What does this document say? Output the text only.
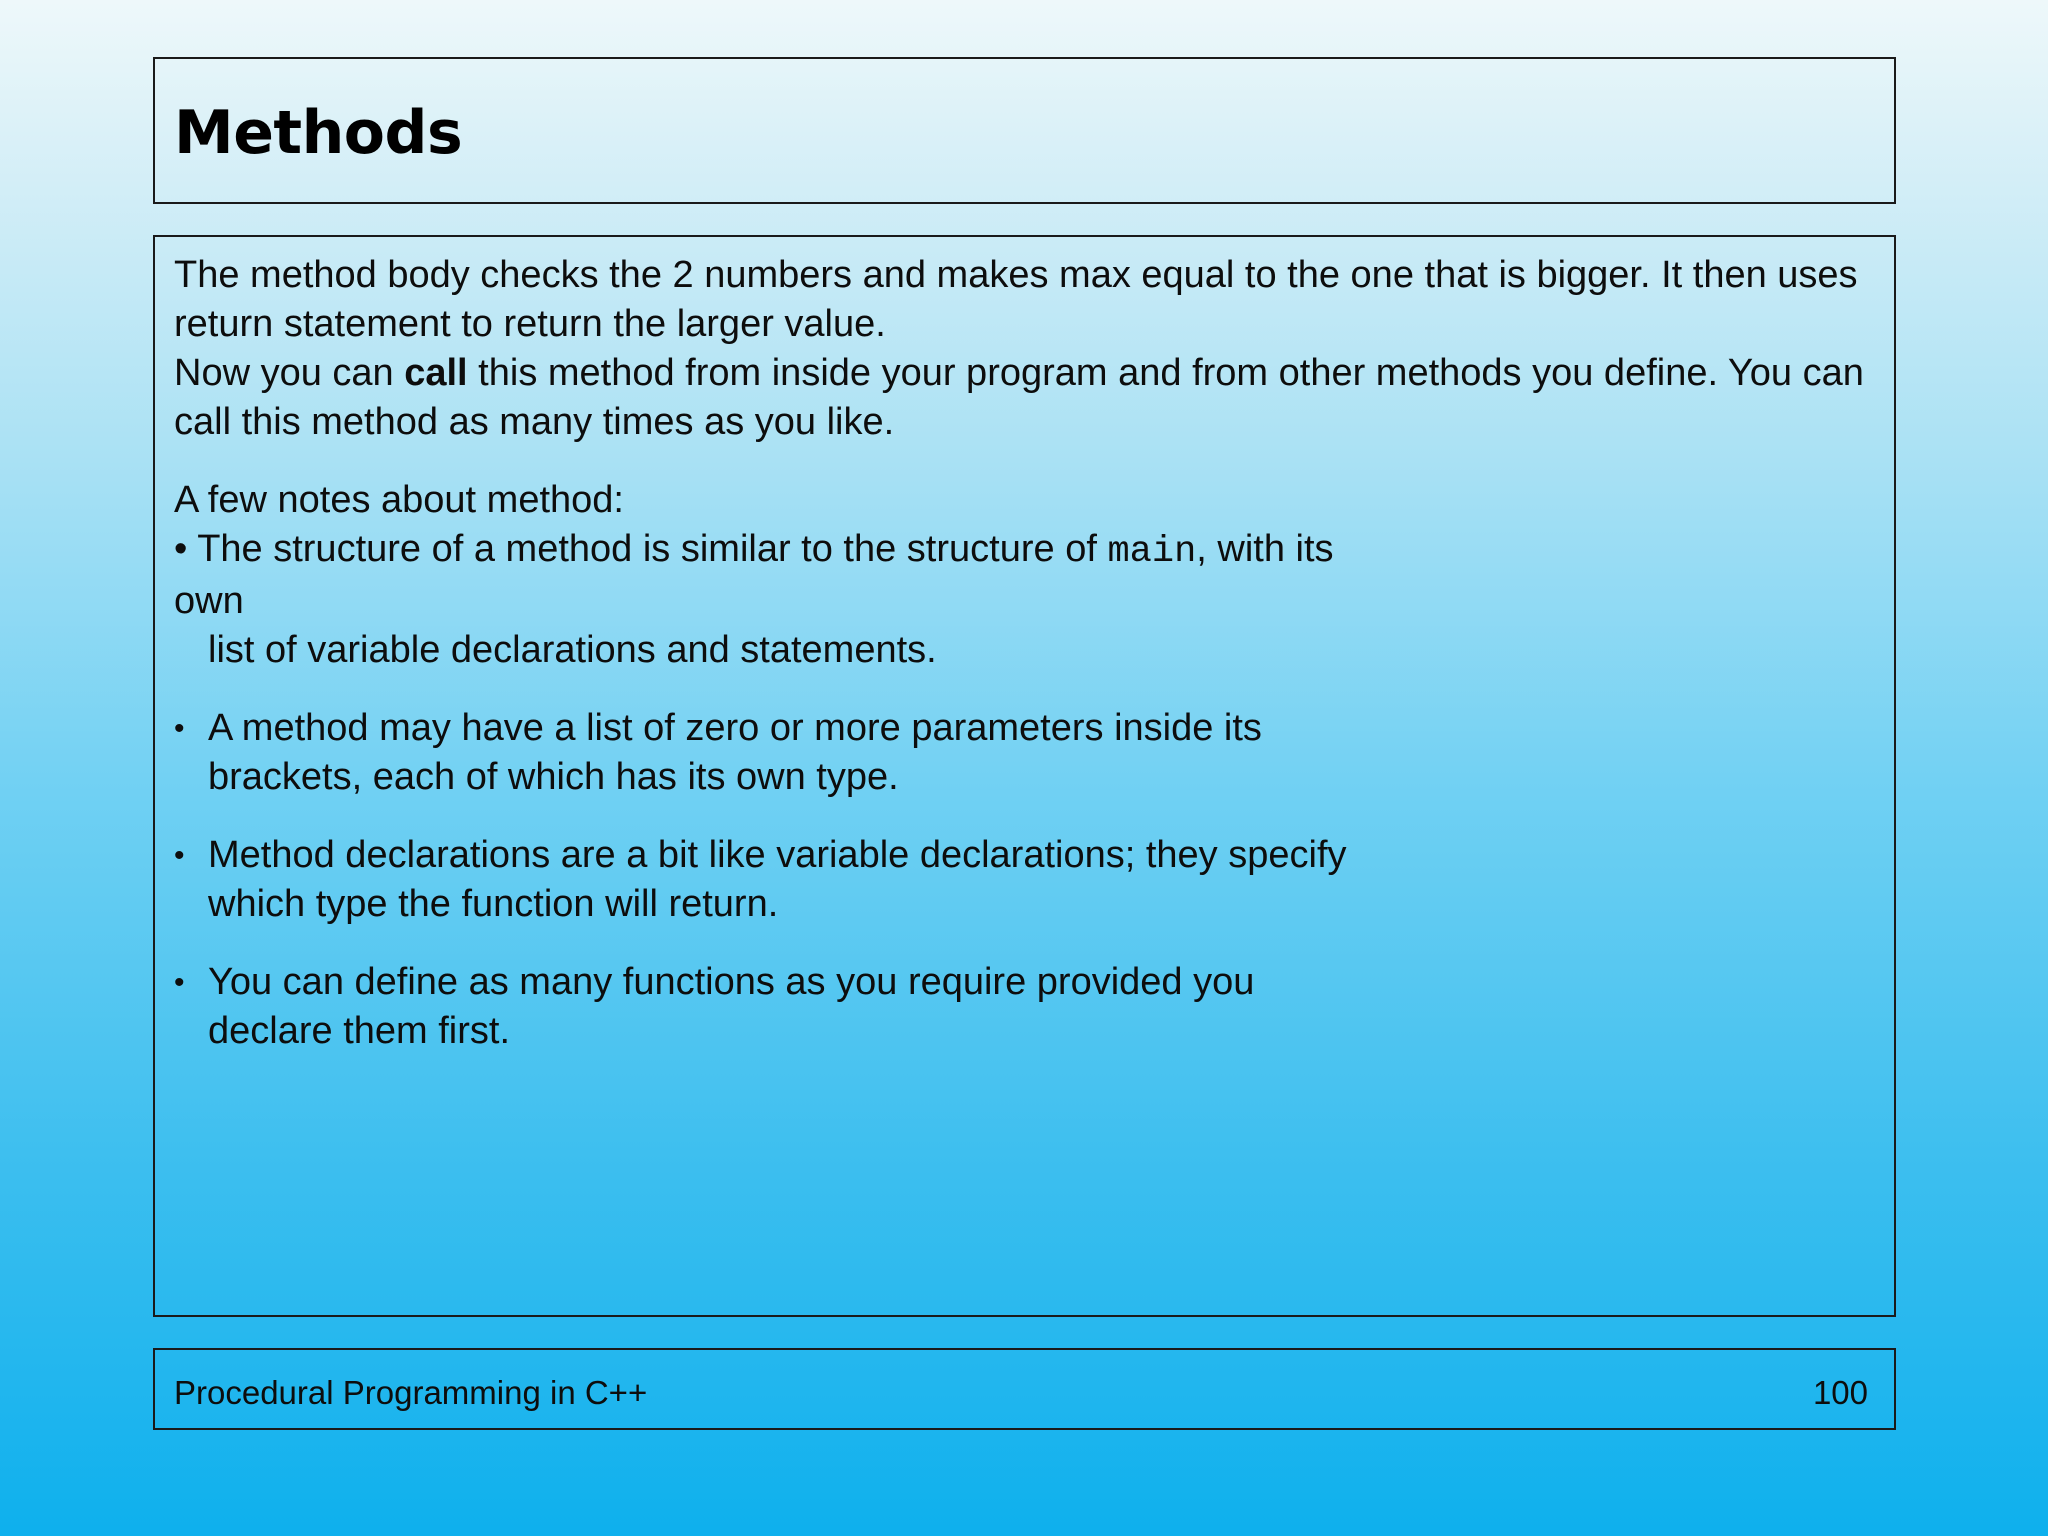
Methods

The method body checks the 2 numbers and makes max equal to the one that is bigger. It then uses return statement to return the larger value.

Now you can call this method from inside your program and from other methods you define. You can call this method as many times as you like.

A few notes about method:

• The structure of a method is similar to the structure of main, with its own
list of variable declarations and statements.
• A method may have a list of zero or more parameters inside its brackets, each of which has its own type.
• Method declarations are a bit like variable declarations; they specify which type the function will return.
• You can define as many functions as you require provided you declare them first.
Procedural Programming in C++	100
